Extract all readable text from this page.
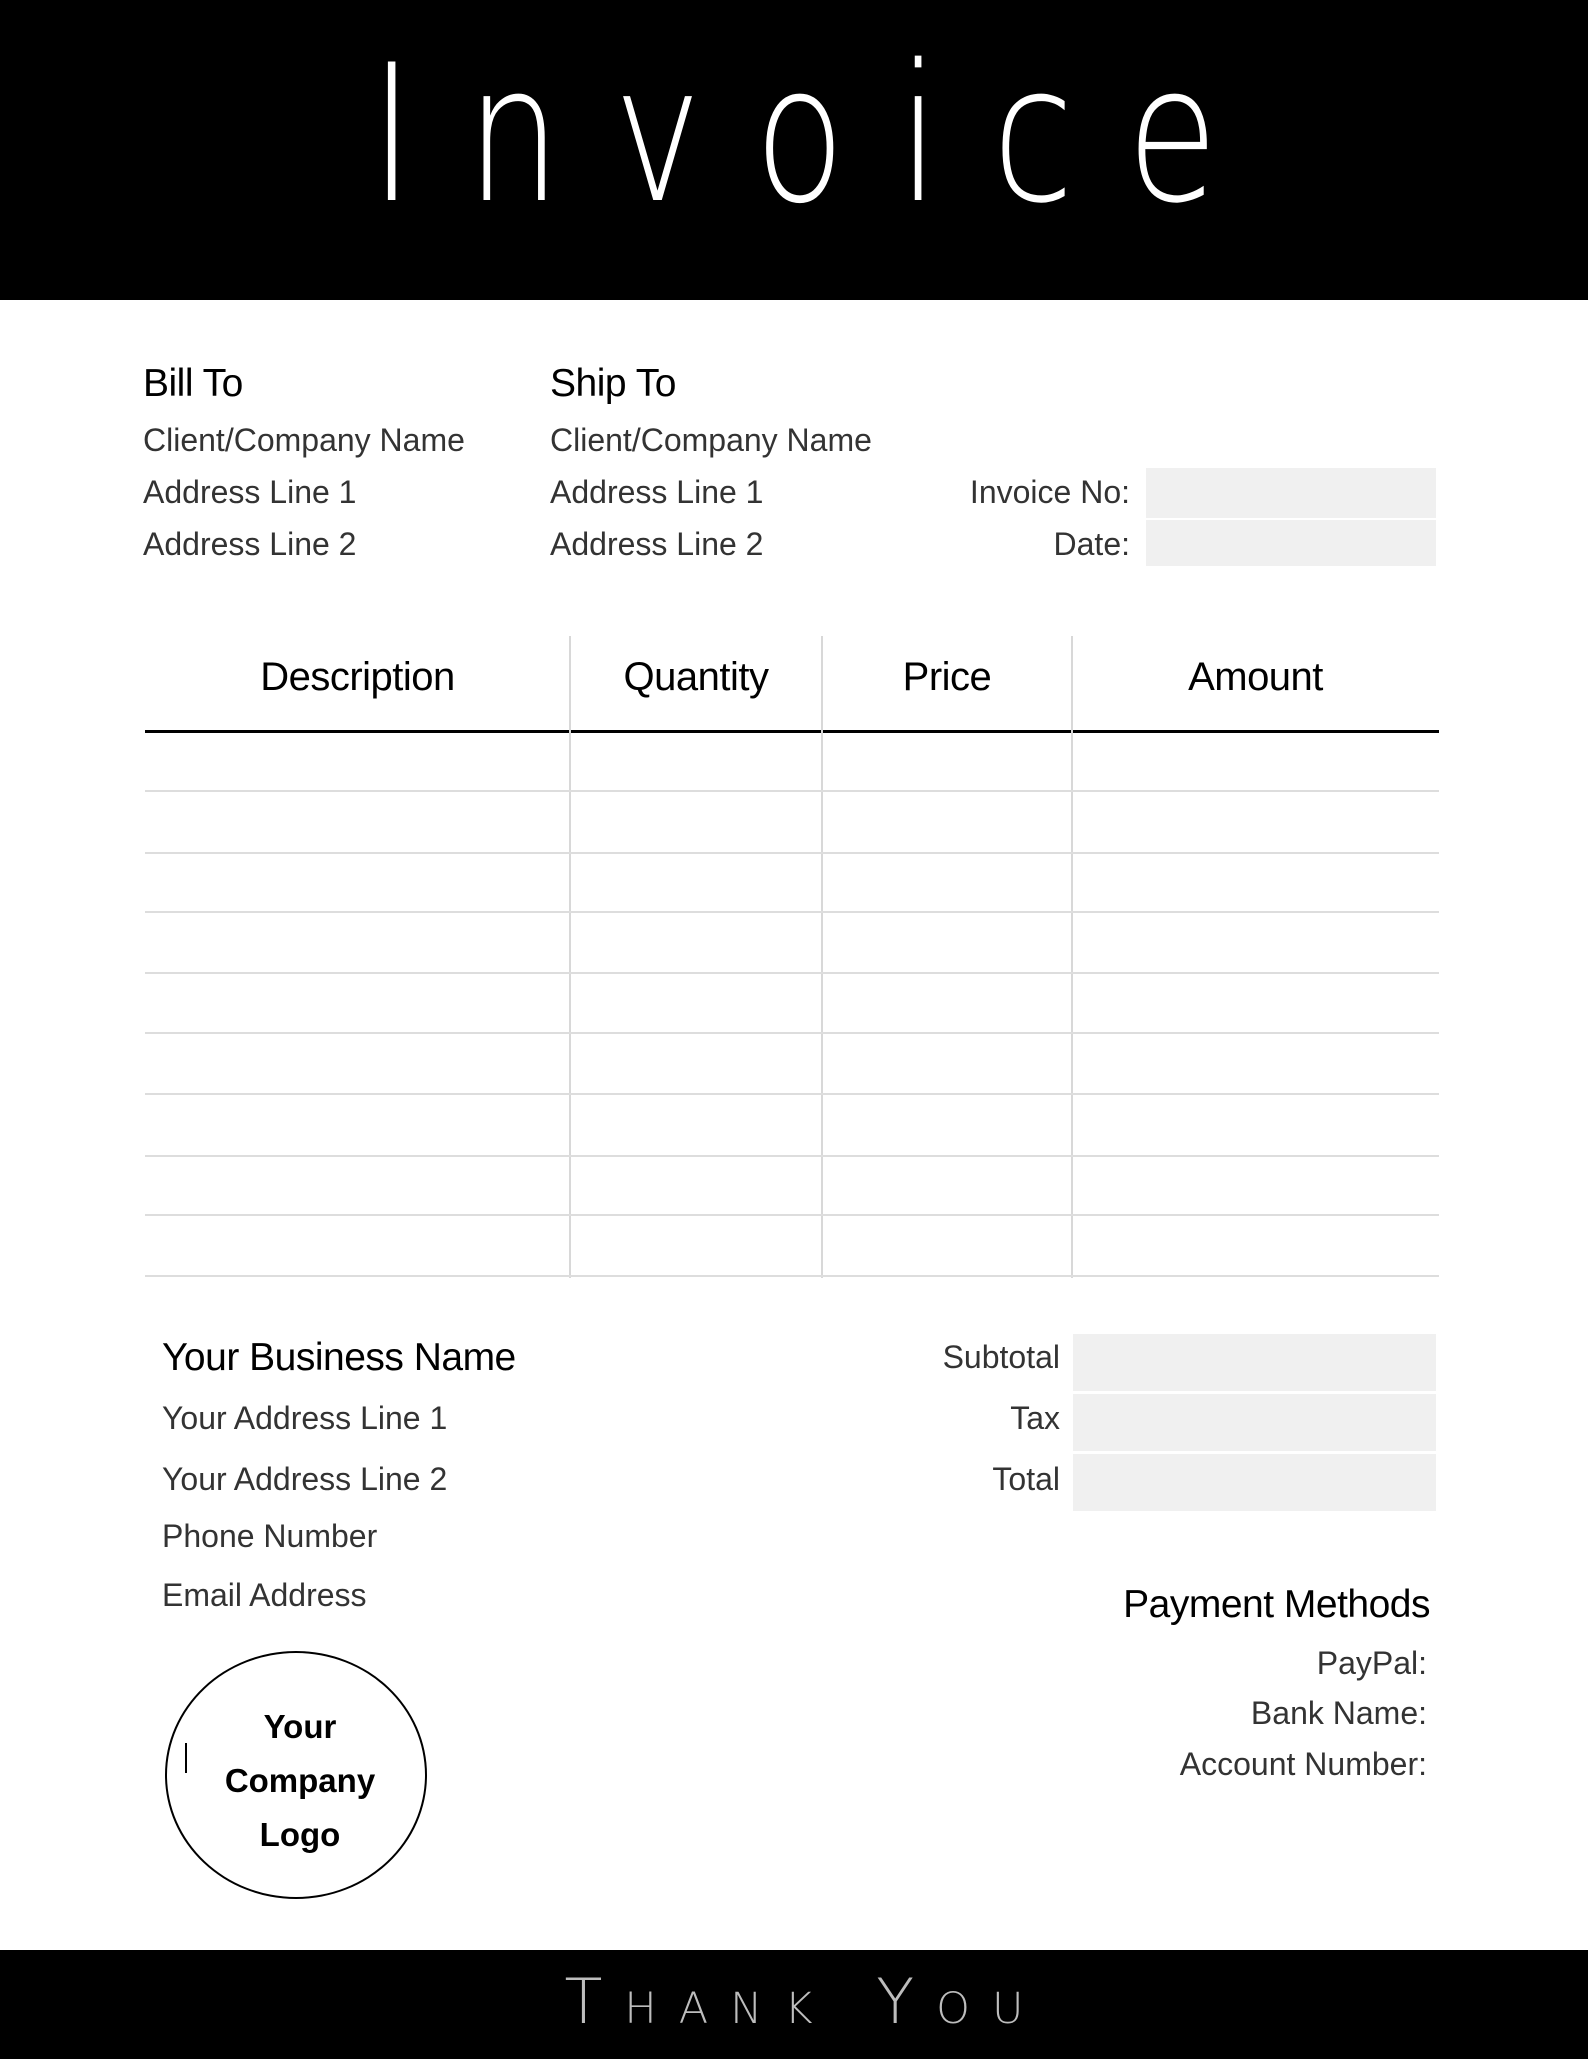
Invoice
Bill To
Client/Company Name
Address Line 1
Address Line 2
Ship To
Client/Company Name
Address Line 1
Address Line 2
Invoice No:
Date:
Description	Quantity	Price	Amount
Your Business Name
Your Address Line 1
Your Address Line 2
Phone Number
Email Address
Subtotal
Tax
Total
Payment Methods
PayPal:
Bank Name:
Account Number:
Your Company Logo
Thank You
